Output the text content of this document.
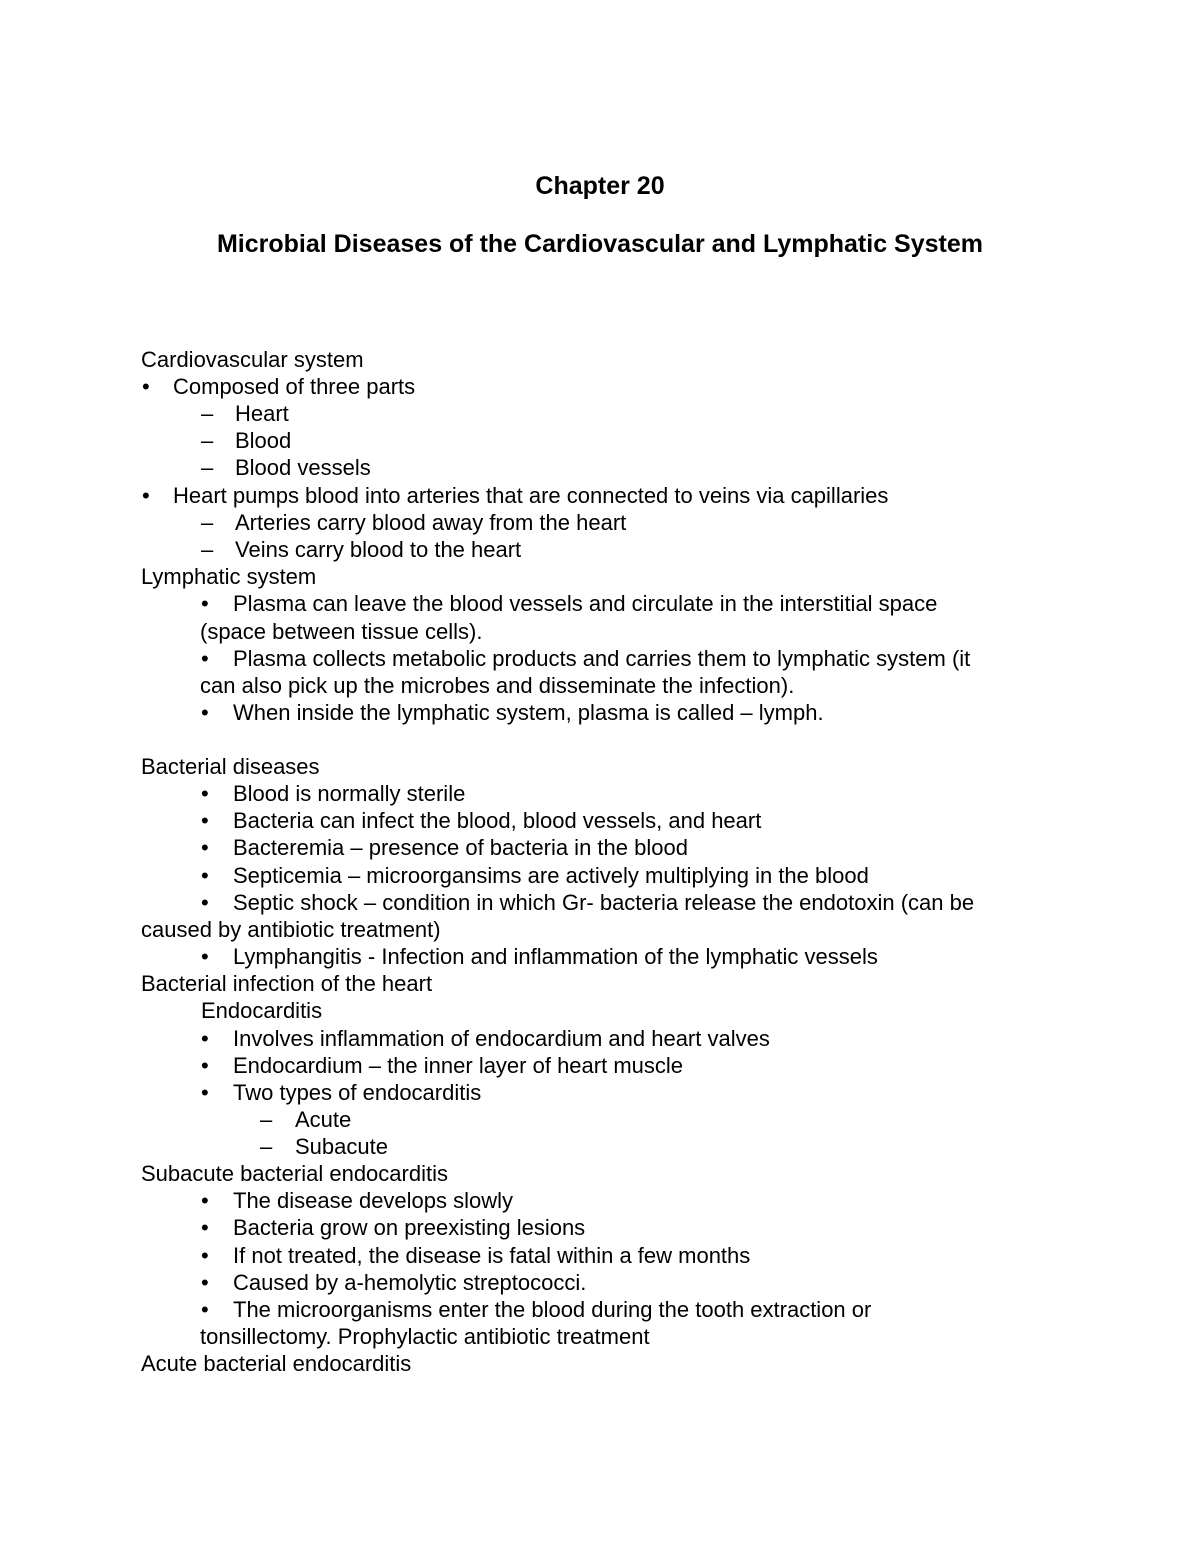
Chapter 20
Microbial Diseases of the Cardiovascular and Lymphatic System
Cardiovascular system
• Composed of three parts
– Heart
– Blood
– Blood vessels
• Heart pumps blood into arteries that are connected to veins via capillaries
– Arteries carry blood away from the heart
– Veins carry blood to the heart
Lymphatic system
• Plasma can leave the blood vessels and circulate in the interstitial space
(space between tissue cells).
• Plasma collects metabolic products and carries them to lymphatic system (it
can also pick up the microbes and disseminate the infection).
• When inside the lymphatic system, plasma is called – lymph.
Bacterial diseases
• Blood is normally sterile
• Bacteria can infect the blood, blood vessels, and heart
• Bacteremia – presence of bacteria in the blood
• Septicemia – microorgansims are actively multiplying in the blood
• Septic shock – condition in which Gr- bacteria release the endotoxin (can be
caused by antibiotic treatment)
• Lymphangitis - Infection and inflammation of the lymphatic vessels
Bacterial infection of the heart
Endocarditis
• Involves inflammation of endocardium and heart valves
• Endocardium – the inner layer of heart muscle
• Two types of endocarditis
– Acute
– Subacute
Subacute bacterial endocarditis
• The disease develops slowly
• Bacteria grow on preexisting lesions
• If not treated, the disease is fatal within a few months
• Caused by a-hemolytic streptococci.
• The microorganisms enter the blood during the tooth extraction or
tonsillectomy. Prophylactic antibiotic treatment
Acute bacterial endocarditis
